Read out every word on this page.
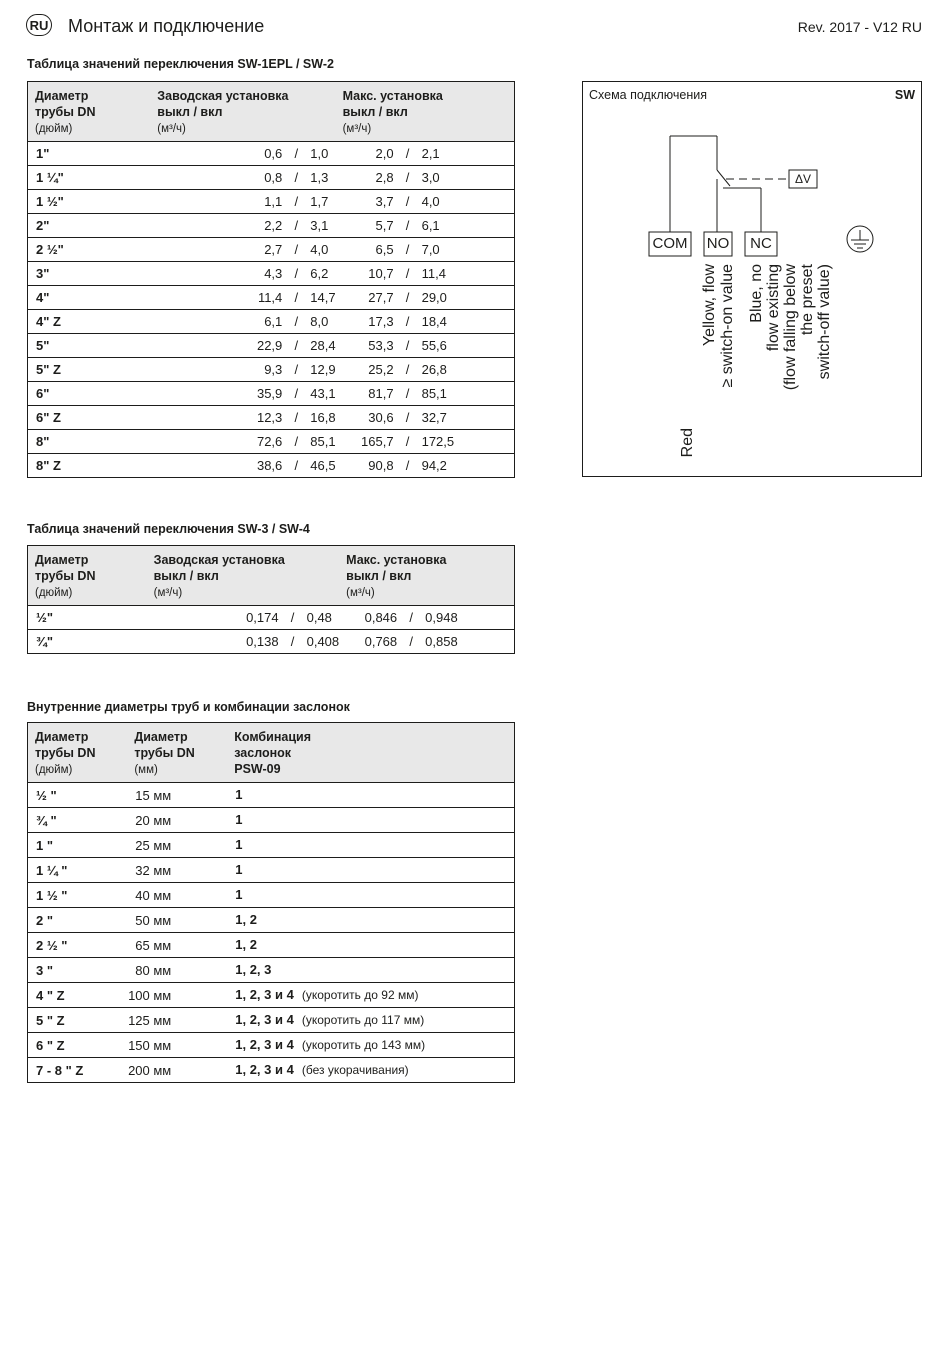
RU Монтаж и подключение	Rev. 2017 - V12 RU
Таблица значений переключения SW-1EPL / SW-2
Диаметр
трубы DN
(дюйм)	Заводская установка
выкл / вкл
(м³/ч)	Макс. установка
выкл / вкл
(м³/ч)
1"	0,6 / 1,0	2,0 / 2,1
1 ¼"	0,8 / 1,3	2,8 / 3,0
1 ½"	1,1 / 1,7	3,7 / 4,0
2"	2,2 / 3,1	5,7 / 6,1
2 ½"	2,7 / 4,0	6,5 / 7,0
3"	4,3 / 6,2	10,7 / 11,4
4"	11,4 / 14,7	27,7 / 29,0
4" Z	6,1 / 8,0	17,3 / 18,4
5"	22,9 / 28,4	53,3 / 55,6
5" Z	9,3 / 12,9	25,2 / 26,8
6"	35,9 / 43,1	81,7 / 85,1
6" Z	12,3 / 16,8	30,6 / 32,7
8"	72,6 / 85,1	165,7 / 172,5
8" Z	38,6 / 46,5	90,8 / 94,2
Схема подключения	SW
ΔV
COM NO	NC
Red
Yellow, flow ≥ switch-on value Blue, no flow existing (flow falling below the preset switch-off value)
Таблица значений переключения SW-3 / SW-4
Диаметр
трубы DN
(дюйм)	Заводская установка
выкл / вкл
(м³/ч)	Макс. установка
выкл / вкл
(м³/ч)
½"	0,174 / 0,48	0,846 / 0,948
¾"	0,138 / 0,408	0,768 / 0,858
Внутренние диаметры труб и комбинации заслонок
Диаметр
трубы DN
(дюйм)	Диаметр
трубы DN
(мм)	Комбинация
заслонок
PSW-09
½ "	15 мм	1
¾ "	20 мм	1
1 "	25 мм	1
1 ¼ "	32 мм	1
1 ½ "	40 мм	1
2 "	50 мм	1, 2
2 ½ "	65 мм	1, 2
3 "	80 мм	1, 2, 3
4 " Z	100 мм	1, 2, 3 и 4 (укоротить до 92 мм)
5 " Z	125 мм	1, 2, 3 и 4 (укоротить до 117 мм)
6 " Z	150 мм	1, 2, 3 и 4 (укоротить до 143 мм)
7 - 8 " Z	200 мм	1, 2, 3 и 4 (без укорачивания)
